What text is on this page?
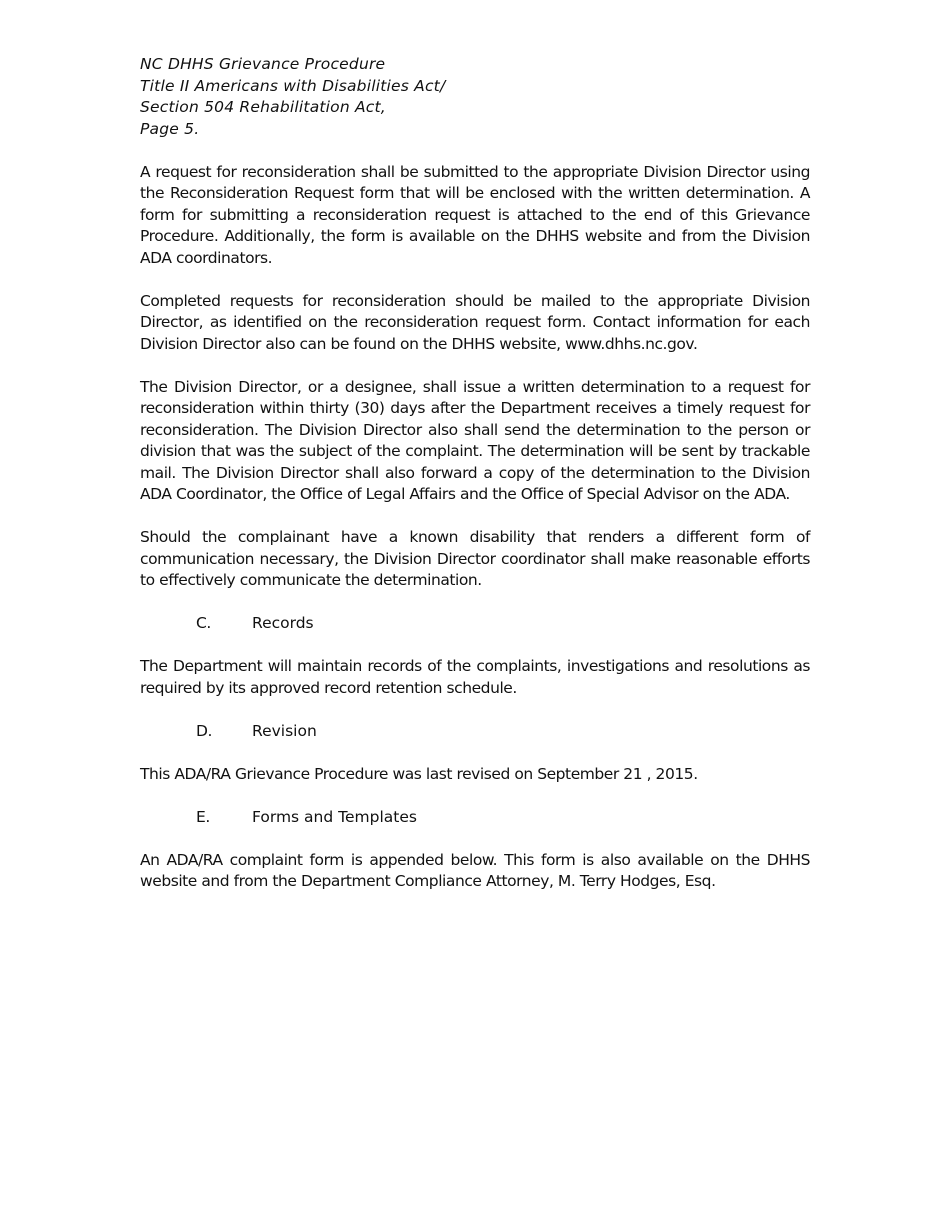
NC DHHS Grievance Procedure
Title II Americans with Disabilities Act/
Section 504 Rehabilitation Act,
Page 5.

A request for reconsideration shall be submitted to the appropriate Division Director using the Reconsideration Request form that will be enclosed with the written determination. A form for submitting a reconsideration request is attached to the end of this Grievance Procedure. Additionally, the form is available on the DHHS website and from the Division ADA coordinators.

Completed requests for reconsideration should be mailed to the appropriate Division Director, as identified on the reconsideration request form. Contact information for each Division Director also can be found on the DHHS website, www.dhhs.nc.gov.

The Division Director, or a designee, shall issue a written determination to a request for reconsideration within thirty (30) days after the Department receives a timely request for reconsideration. The Division Director also shall send the determination to the person or division that was the subject of the complaint. The determination will be sent by trackable mail. The Division Director shall also forward a copy of the determination to the Division ADA Coordinator, the Office of Legal Affairs and the Office of Special Advisor on the ADA.

Should the complainant have a known disability that renders a different form of communication necessary, the Division Director coordinator shall make reasonable efforts to effectively communicate the determination.

C.	Records

The Department will maintain records of the complaints, investigations and resolutions as required by its approved record retention schedule.

D.	Revision

This ADA/RA Grievance Procedure was last revised on September 21 , 2015.

E.	Forms and Templates

An ADA/RA complaint form is appended below. This form is also available on the DHHS website and from the Department Compliance Attorney, M. Terry Hodges, Esq.
